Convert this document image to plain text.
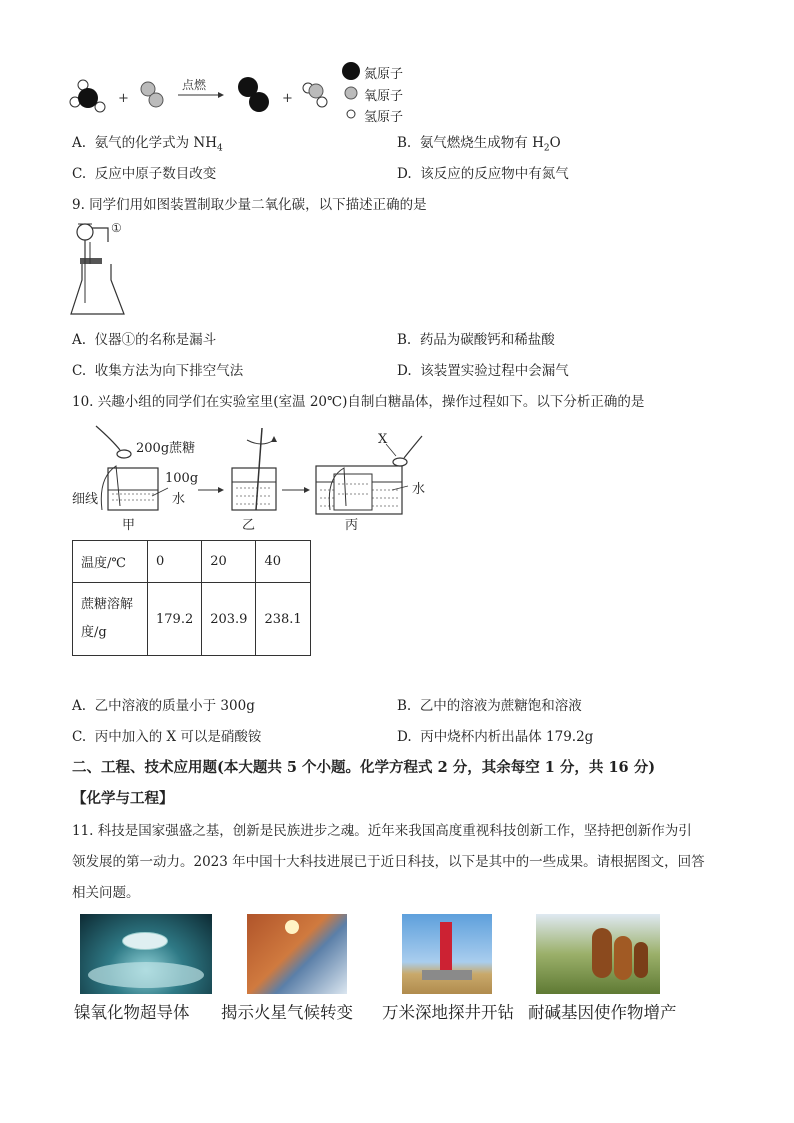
+
点燃
+
氮原子
氧原子
氢原子
A. 氨气的化学式为 $NH_4$	B. 氨气燃烧生成物有 $H_2O$
C. 反应中原子数目改变	D. 该反应的反应物中有氮气
9. 同学们用如图装置制取少量二氧化碳，以下描述正确的是
①
A. 仪器①的名称是漏斗	B. 药品为碳酸钙和稀盐酸
C. 收集方法为向下排空气法	D. 该装置实验过程中会漏气
10. 兴趣小组的同学们在实验室里(室温 20℃)自制白糖晶体，操作过程如下。以下分析正确的是
200g蔗糖
100g
水
细线
X
水
甲	乙	丙
温度/℃	0	20	40
蔗糖溶解
度/g	179.2	203.9	238.1
A. 乙中溶液的质量小于 300g	B. 乙中的溶液为蔗糖饱和溶液
C. 丙中加入的 X 可以是硝酸铵	D. 丙中烧杯内析出晶体 179.2g
二、工程、技术应用题(本大题共 5 个小题。化学方程式 2 分，其余每空 1 分，共 16 分)
【化学与工程】
11. 科技是国家强盛之基，创新是民族进步之魂。近年来我国高度重视科技创新工作，坚持把创新作为引
领发展的第一动力。2023 年中国十大科技进展已于近日科技，以下是其中的一些成果。请根据图文，回答
相关问题。
镍氧化物超导体 揭示火星气候转变 万米深地探井开钻 耐碱基因使作物增产
